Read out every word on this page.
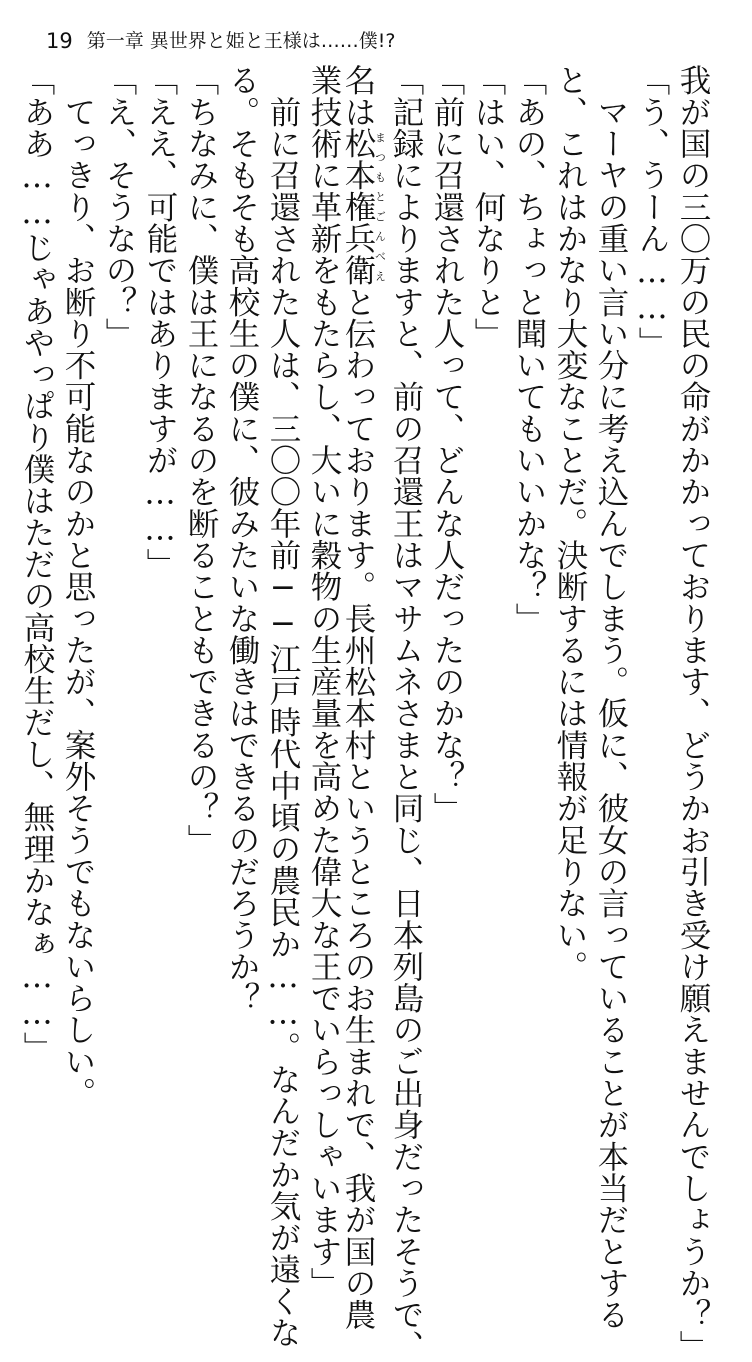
19 第一章 異世界と姫と王様は……僕!?
我が国の三〇万の民の命がかかっております、どうかお引き受け願えませんでしょうか？」
「う、うーん……」
　マーヤの重い言い分に考え込んでしまう。仮に、彼女の言っていることが本当だとする
と、これはかなり大変なことだ。決断するには情報が足りない。
「あの、ちょっと聞いてもいいかな？」
「はい、何なりと」
「前に召還された人って、どんな人だったのかな？」
「記録によりますと、前の召還王はマサムネさまと同じ、日本列島のご出身だったそうで、
名は松本権兵衛まつもとごんべえと伝わっております。長州松本村というところのお生まれで、我が国の農
業技術に革新をもたらし、大いに穀物の生産量を高めた偉大な王でいらっしゃいます」
　前に召還された人は、三〇〇年前──江戸時代中頃の農民か……。なんだか気が遠くな
る。そもそも高校生の僕に、彼みたいな働きはできるのだろうか？
「ちなみに、僕は王になるのを断ることもできるの？」
「ええ、可能ではありますが……」
「え、そうなの？」
　てっきり、お断り不可能なのかと思ったが、案外そうでもないらしい。
「ああ……じゃあやっぱり僕はただの高校生だし、無理かなぁ……」
